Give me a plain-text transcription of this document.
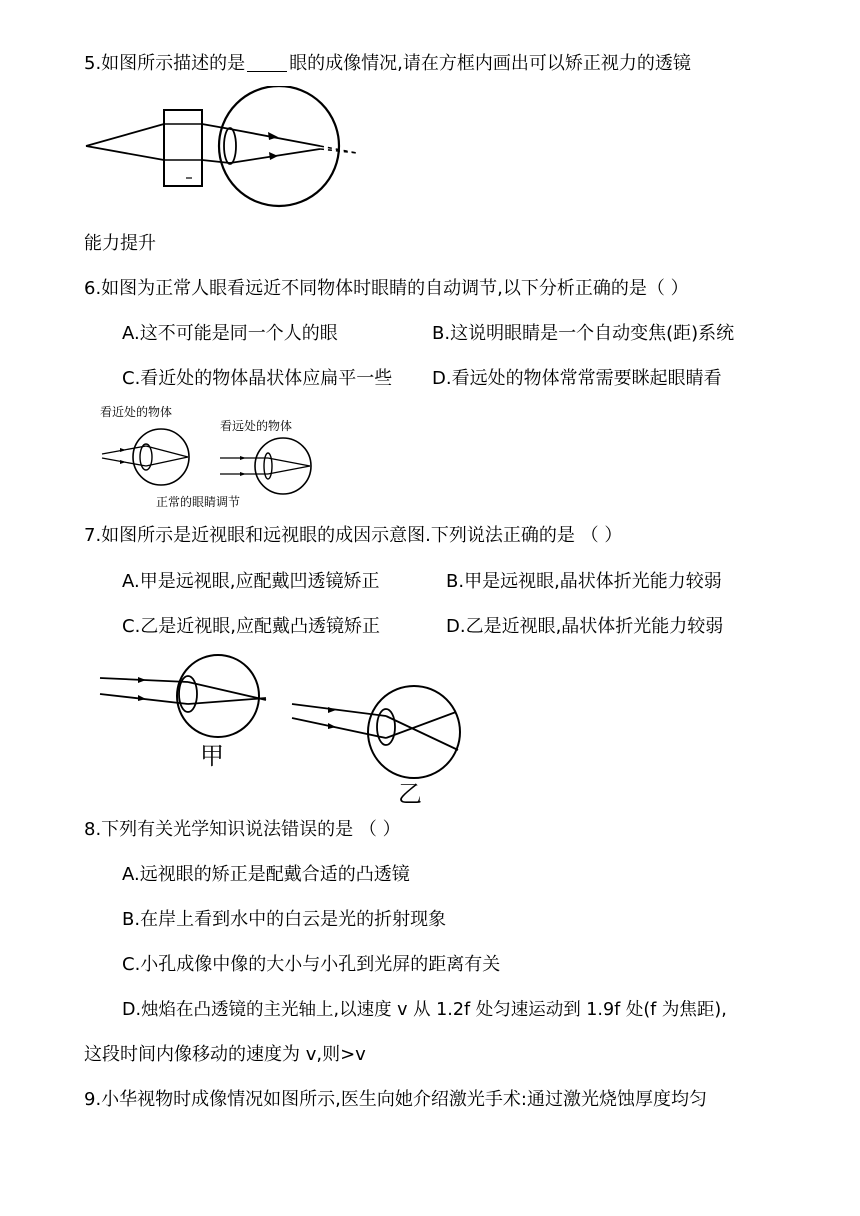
5.如图所示描述的是 眼的成像情况,请在方框内画出可以矫正视力的透镜
能力提升
6.如图为正常人眼看远近不同物体时眼睛的自动调节,以下分析正确的是（ ）
A.这不可能是同一个人的眼	B.这说明眼睛是一个自动变焦(距)系统
C.看近处的物体晶状体应扁平一些 D.看远处的物体常常需要眯起眼睛看
看近处的物体
看远处的物体
正常的眼睛调节
7.如图所示是近视眼和远视眼的成因示意图.下列说法正确的是 （ ）
A.甲是远视眼,应配戴凹透镜矫正	B.甲是远视眼,晶状体折光能力较弱
C.乙是近视眼,应配戴凸透镜矫正	D.乙是近视眼,晶状体折光能力较弱
甲
乙
8.下列有关光学知识说法错误的是 （ ）
A.远视眼的矫正是配戴合适的凸透镜
B.在岸上看到水中的白云是光的折射现象
C.小孔成像中像的大小与小孔到光屏的距离有关
D.烛焰在凸透镜的主光轴上,以速度 v 从 1.2f 处匀速运动到 1.9f 处(f 为焦距),
这段时间内像移动的速度为 v,则>v
9.小华视物时成像情况如图所示,医生向她介绍激光手术:通过激光烧蚀厚度均匀
